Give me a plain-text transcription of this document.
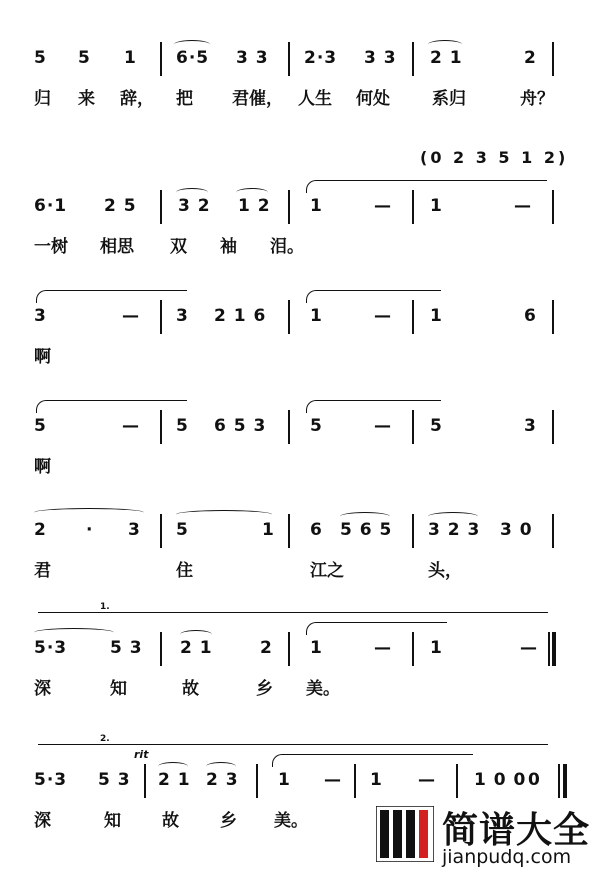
5 5 1 6·5 3 3 2·3 3 3 2 1	2
归 来 辞， 把 君催， 人生 何处 系归	舟？
(0 2 3 5 1 2)
6·1 2 5 3 2 1 2 1	— 1	—
一树 相思 双 袖 泪。
3	— 3 2 1 6	1	— 1	6
啊
5	— 5 6 5 3	5	— 5	3
啊
2 · 3 5	1 6 5 6 5 3 2 3 3 0
君	住	江之	头，
1.
5·3	5 3 2 1	2 1	— 1	—
深	知	故	乡 美。
2.
rit
5·3 5 3 2 1 2 3 1 — 1 — 1 0 0 0
深	知 故 乡 美。	简谱大全
jianpudq.com
